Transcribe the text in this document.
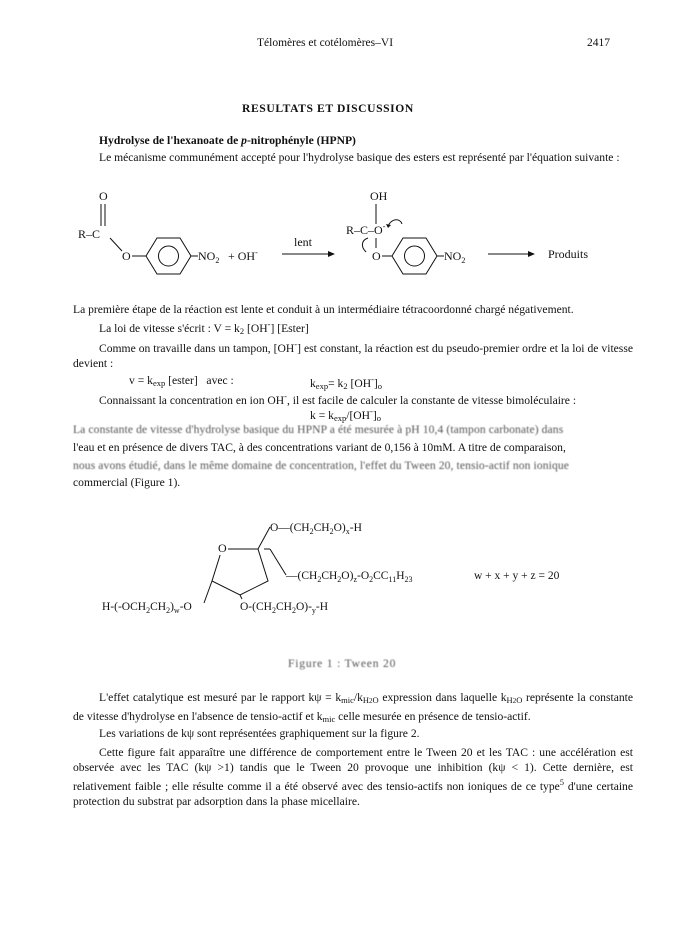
Télomères et cotélomères–VI	2417
RESULTATS ET DISCUSSION
Hydrolyse de l'hexanoate de p-nitrophényle (HPNP)
Le mécanisme communément accepté pour l'hydrolyse basique des esters est représenté par l'équation suivante :
O
R–C
O	$NO_2 + OH^-$
lent
OH
R–C–O-
O	$NO_2$	Produits
La première étape de la réaction est lente et conduit à un intermédiaire tétracoordonné chargé négativement.
La loi de vitesse s'écrit : $V = k_2$ [OH-] [Ester]
Comme on travaille dans un tampon, [OH-] est constant, la réaction est du pseudo-premier ordre et la loi de vitesse devient :
$v = k_{exp}$ [ester]   avec :	$k_{exp}= k_2$ $[OH^-]_o$
Connaissant la concentration en ion OH-, il est facile de calculer la constante de vitesse bimoléculaire :
$k = k_{exp}/[OH^-]_o$
La constante de vitesse d'hydrolyse basique du HPNP a été mesurée à pH 10,4 (tampon carbonate) dans
l'eau et en présence de divers TAC, à des concentrations variant de 0,156 à 10mM. A titre de comparaison,
nous avons étudié, dans le même domaine de concentration, l'effet du Tween 20, tensio-actif non ionique
commercial (Figure 1).
O
$O—(CH_2CH_2O)_x-H$
$—(CH_2CH_2O)_z-O_2CC_{11}H_{23}$
$H-(-OCH_2CH_2)_w-O$	$O-(CH_2CH_2O)-_y-H$
w + x + y + z = 20
Figure 1 : Tween 20
L'effet catalytique est mesuré par le rapport $k\psi = k_{mic}/k_{H2O}$ expression dans laquelle $k_{H2O}$ représente la constante de vitesse d'hydrolyse en l'absence de tensio-actif et $k_{mic}$ celle mesurée en présence de tensio-actif.
Les variations de kψ sont représentées graphiquement sur la figure 2.
Cette figure fait apparaître une différence de comportement entre le Tween 20 et les TAC : une accélération est observée avec les TAC (kψ >1) tandis que le Tween 20 provoque une inhibition (kψ < 1). Cette dernière, est relativement faible ; elle résulte comme il a été observé avec des tensio-actifs non ioniques de ce type$^5$ d'une certaine protection du substrat par adsorption dans la phase micellaire.
